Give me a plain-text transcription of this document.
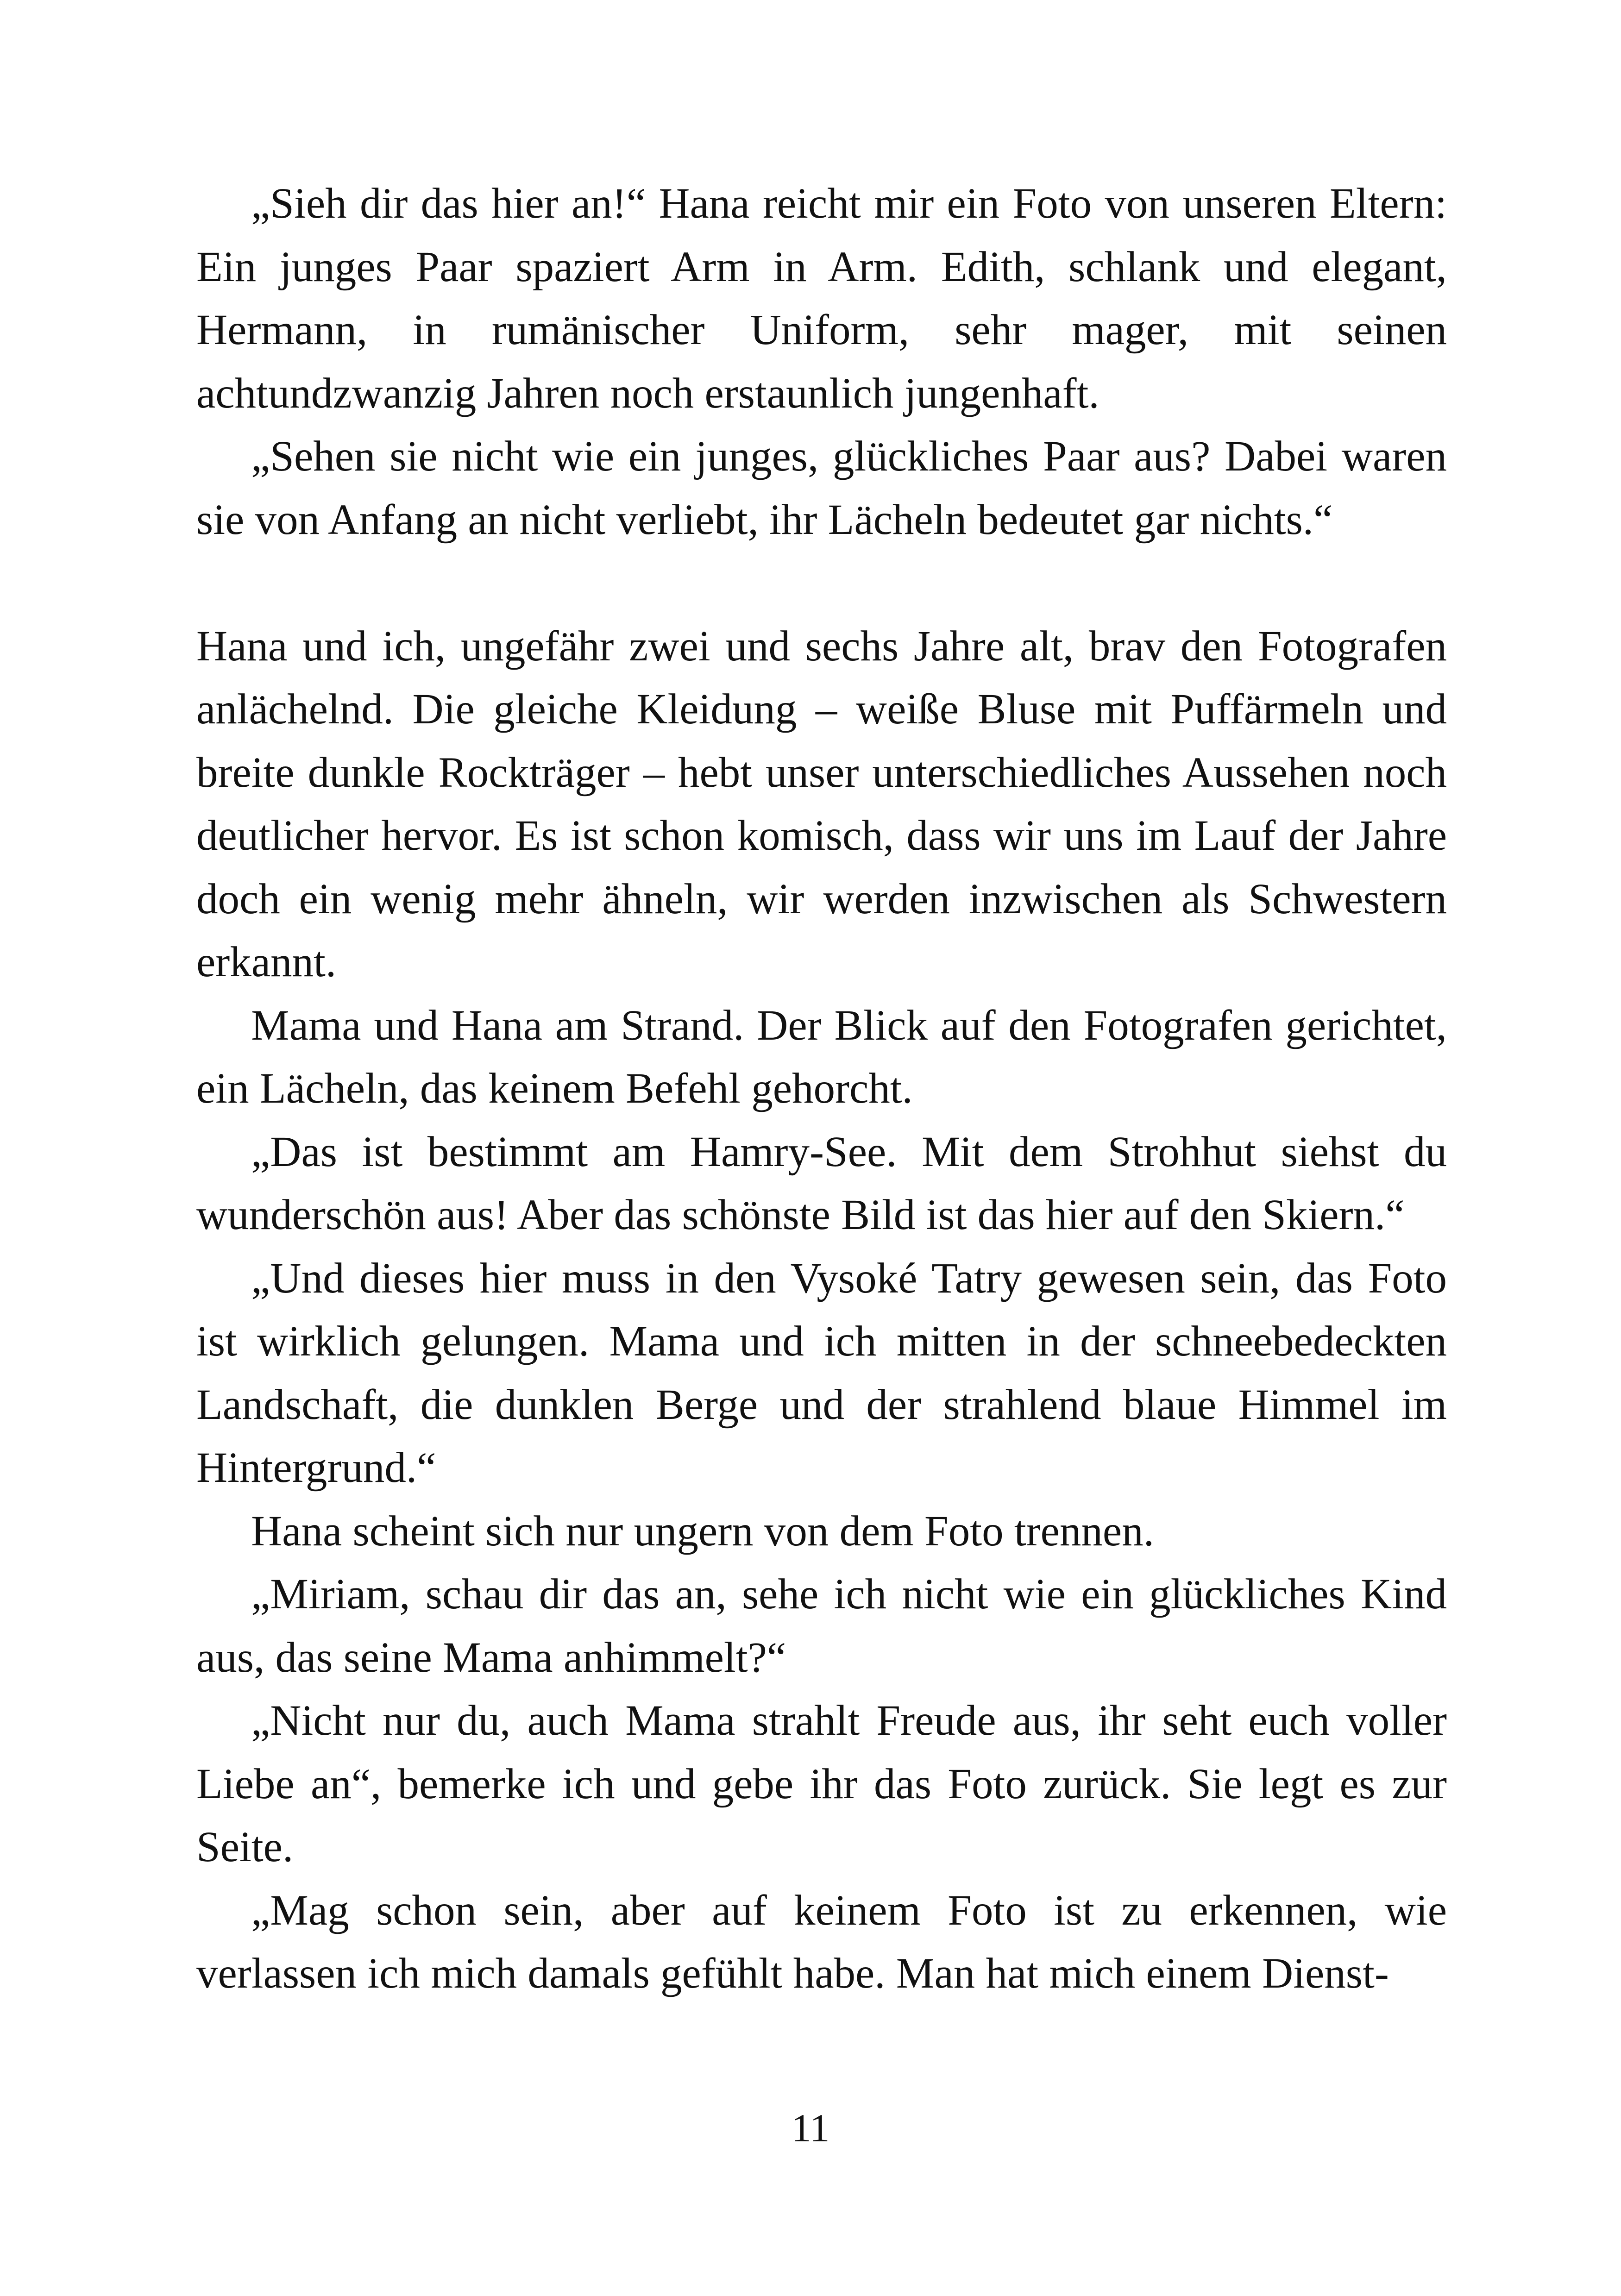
„Sieh dir das hier an!“ Hana reicht mir ein Foto von unseren Eltern: Ein junges Paar spaziert Arm in Arm. Edith, schlank und elegant, Hermann, in rumänischer Uniform, sehr mager, mit seinen achtundzwanzig Jahren noch erstaunlich jungenhaft.

„Sehen sie nicht wie ein junges, glückliches Paar aus? Dabei waren sie von Anfang an nicht verliebt, ihr Lächeln bedeutet gar nichts.“

Hana und ich, ungefähr zwei und sechs Jahre alt, brav den Fotografen anlächelnd. Die gleiche Kleidung – weiße Bluse mit Puffärmeln und breite dunkle Rockträger – hebt unser unterschiedliches Aussehen noch deutlicher hervor. Es ist schon komisch, dass wir uns im Lauf der Jahre doch ein wenig mehr ähneln, wir werden inzwischen als Schwestern erkannt.

Mama und Hana am Strand. Der Blick auf den Fotografen gerichtet, ein Lächeln, das keinem Befehl gehorcht.

„Das ist bestimmt am Hamry-See. Mit dem Strohhut siehst du wunderschön aus! Aber das schönste Bild ist das hier auf den Skiern.“

„Und dieses hier muss in den Vysoké Tatry gewesen sein, das Foto ist wirklich gelungen. Mama und ich mitten in der schneebedeckten Landschaft, die dunklen Berge und der strahlend blaue Himmel im Hintergrund.“

Hana scheint sich nur ungern von dem Foto trennen.

„Miriam, schau dir das an, sehe ich nicht wie ein glückliches Kind aus, das seine Mama anhimmelt?“

„Nicht nur du, auch Mama strahlt Freude aus, ihr seht euch voller Liebe an“, bemerke ich und gebe ihr das Foto zurück. Sie legt es zur Seite.

„Mag schon sein, aber auf keinem Foto ist zu erkennen, wie verlassen ich mich damals gefühlt habe. Man hat mich einem Dienst-

11
